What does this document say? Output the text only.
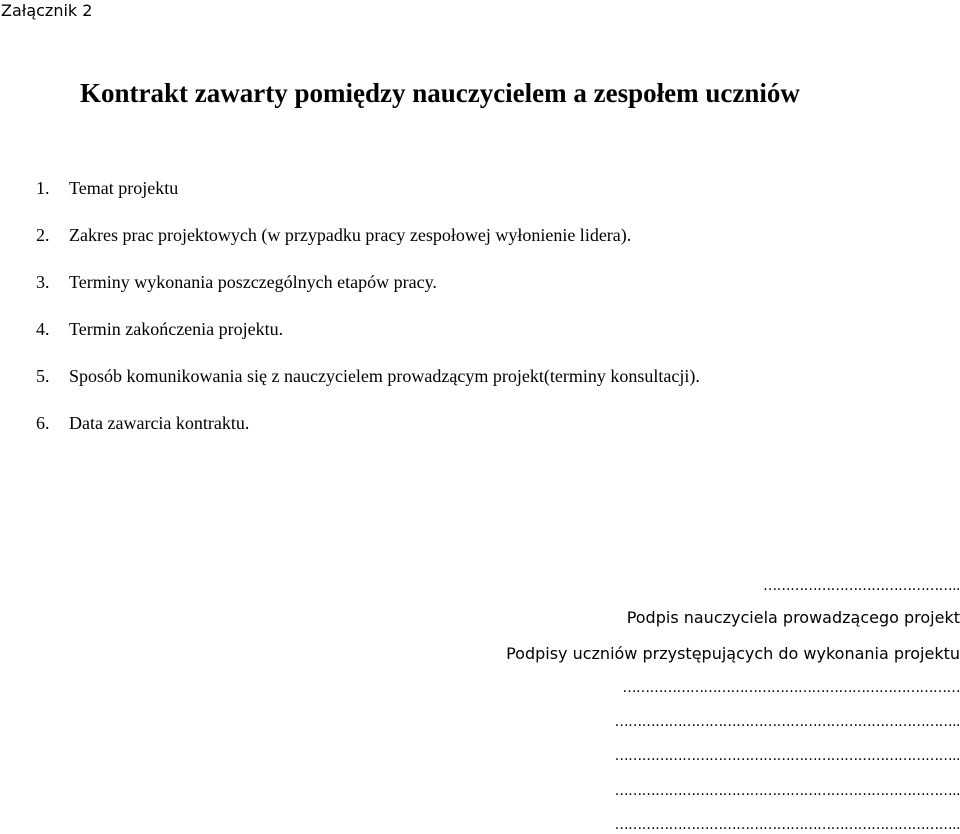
Załącznik 2
Kontrakt zawarty pomiędzy nauczycielem a zespołem uczniów
1.	Temat projektu
2.	Zakres prac projektowych (w przypadku pracy zespołowej wyłonienie lidera).
3.	Terminy wykonania poszczególnych etapów pracy.
4.	Termin zakończenia projektu.
5.	Sposób komunikowania się z nauczycielem prowadzącym projekt(terminy konsultacji).
6.	Data zawarcia kontraktu.
……………………………………..
Podpis nauczyciela prowadzącego projekt
Podpisy uczniów przystępujących do wykonania projektu
…………………………………………………………………
…………………………………………………………………..
…………………………………………………………………..
…………………………………………………………………..
…………………………………………………………………..
